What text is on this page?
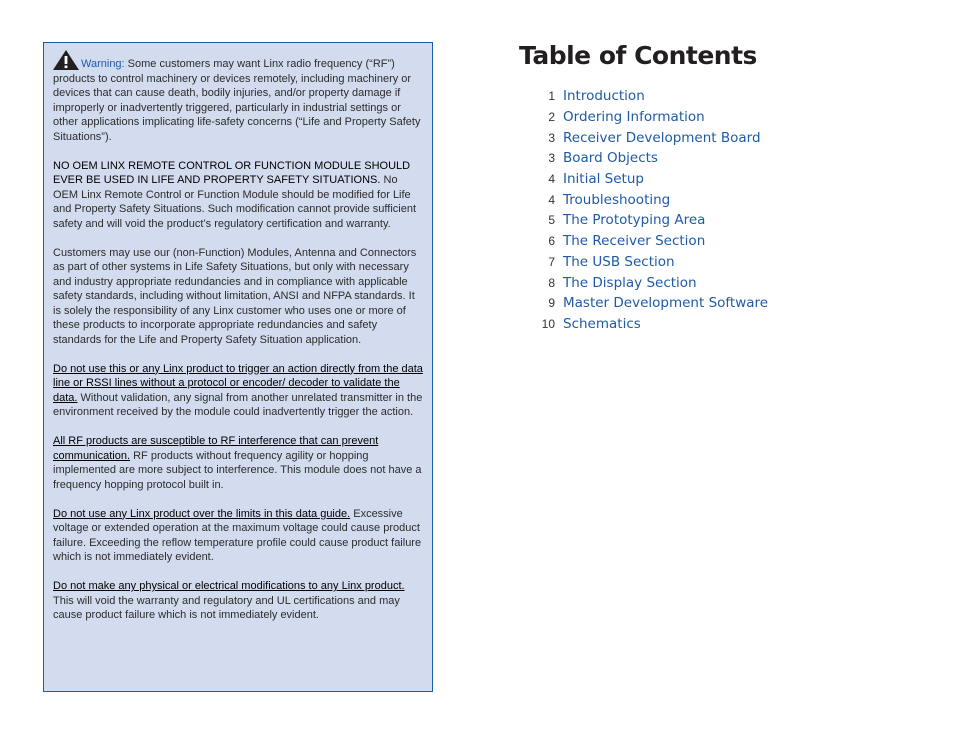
Warning: Some customers may want Linx radio frequency (“RF”) products to control machinery or devices remotely, including machinery or devices that can cause death, bodily injuries, and/or property damage if improperly or inadvertently triggered, particularly in industrial settings or other applications implicating life-safety concerns (“Life and Property Safety Situations”).

NO OEM LINX REMOTE CONTROL OR FUNCTION MODULE SHOULD EVER BE USED IN LIFE AND PROPERTY SAFETY SITUATIONS. No OEM Linx Remote Control or Function Module should be modified for Life and Property Safety Situations. Such modification cannot provide sufficient safety and will void the product’s regulatory certification and warranty.

Customers may use our (non-Function) Modules, Antenna and Connectors as part of other systems in Life Safety Situations, but only with necessary and industry appropriate redundancies and in compliance with applicable safety standards, including without limitation, ANSI and NFPA standards. It is solely the responsibility of any Linx customer who uses one or more of these products to incorporate appropriate redundancies and safety standards for the Life and Property Safety Situation application.

Do not use this or any Linx product to trigger an action directly from the data line or RSSI lines without a protocol or encoder/ decoder to validate the data. Without validation, any signal from another unrelated transmitter in the environment received by the module could inadvertently trigger the action.

All RF products are susceptible to RF interference that can prevent communication. RF products without frequency agility or hopping implemented are more subject to interference. This module does not have a frequency hopping protocol built in.

Do not use any Linx product over the limits in this data guide. Excessive voltage or extended operation at the maximum voltage could cause product failure. Exceeding the reflow temperature profile could cause product failure which is not immediately evident.

Do not make any physical or electrical modifications to any Linx product. This will void the warranty and regulatory and UL certifications and may cause product failure which is not immediately evident.

Table of Contents
1 Introduction
2 Ordering Information
3 Receiver Development Board
3 Board Objects
4 Initial Setup
4 Troubleshooting
5 The Prototyping Area
6 The Receiver Section
7 The USB Section
8 The Display Section
9 Master Development Software
10 Schematics
